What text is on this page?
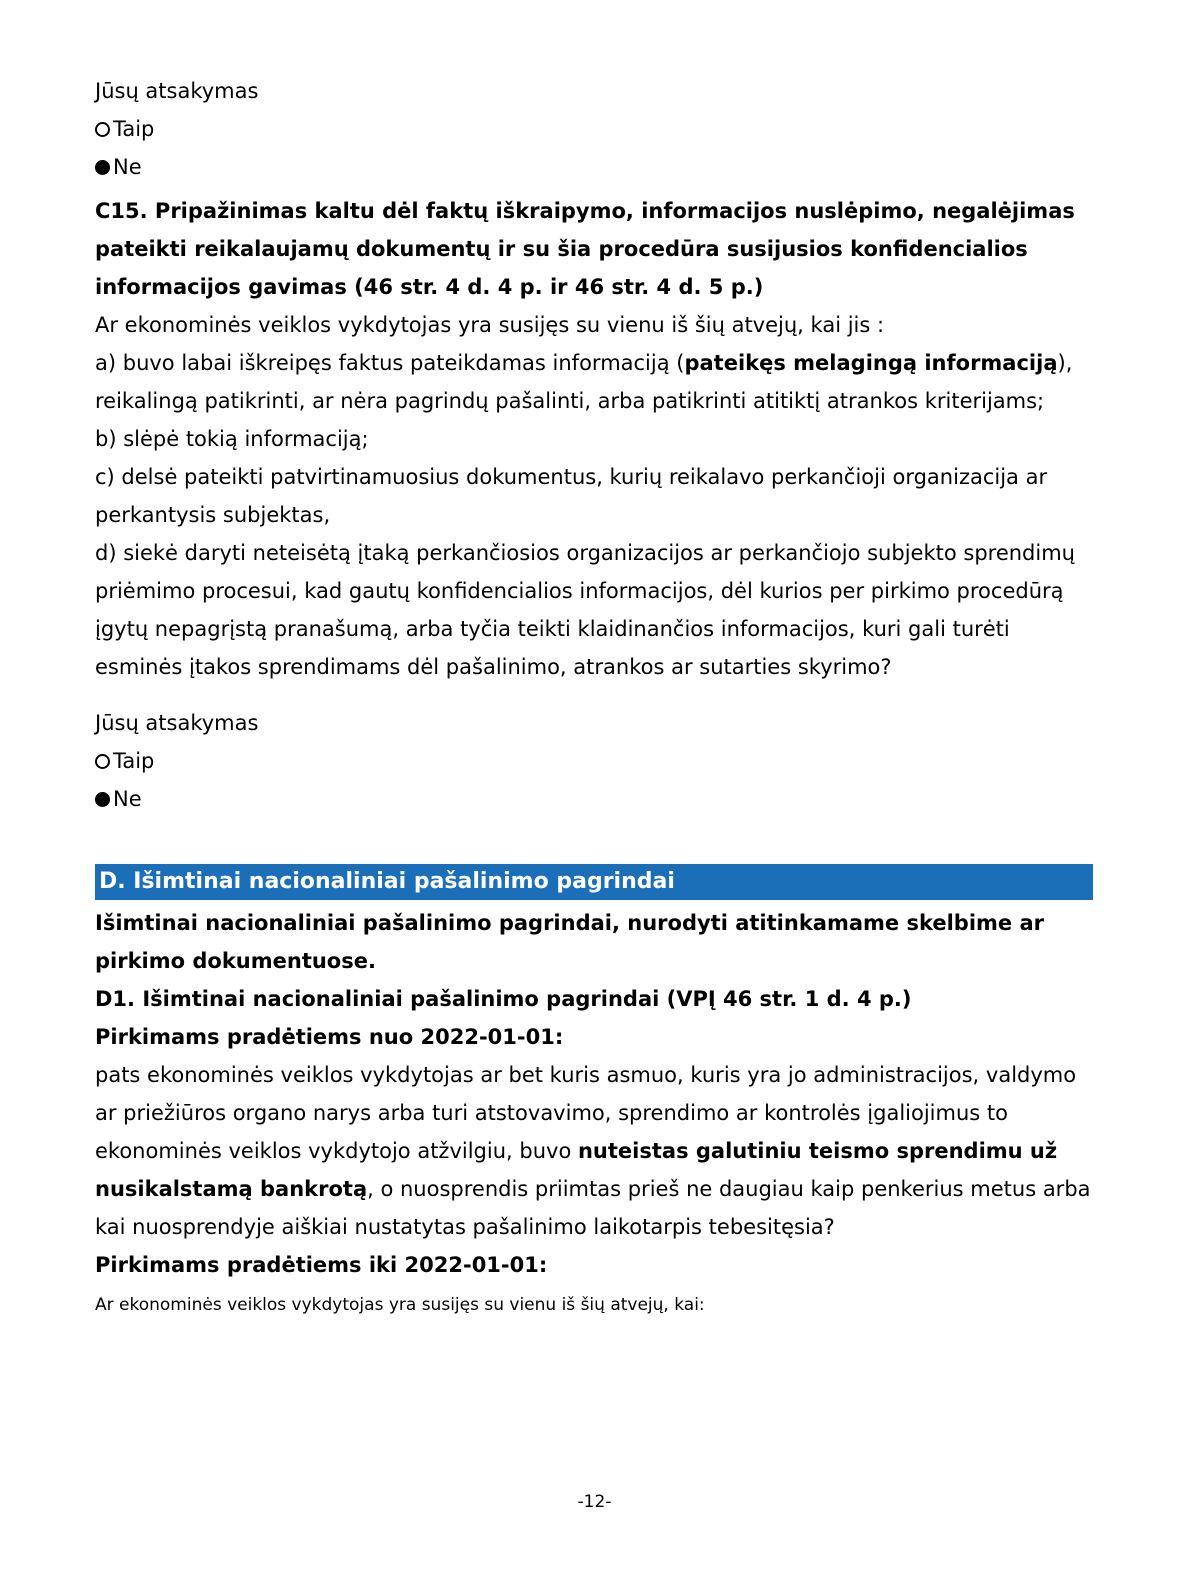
Jūsų atsakymas
Taip
Ne

C15. Pripažinimas kaltu dėl faktų iškraipymo, informacijos nuslėpimo, negalėjimas pateikti reikalaujamų dokumentų ir su šia procedūra susijusios konfidencialios informacijos gavimas (46 str. 4 d. 4 p. ir 46 str. 4 d. 5 p.)

Ar ekonominės veiklos vykdytojas yra susijęs su vienu iš šių atvejų, kai jis :

a) buvo labai iškreipęs faktus pateikdamas informaciją (pateikęs melagingą informaciją), reikalingą patikrinti, ar nėra pagrindų pašalinti, arba patikrinti atitiktį atrankos kriterijams;

b) slėpė tokią informaciją;

c) delsė pateikti patvirtinamuosius dokumentus, kurių reikalavo perkančioji organizacija ar perkantysis subjektas,

d) siekė daryti neteisėtą įtaką perkančiosios organizacijos ar perkančiojo subjekto sprendimų priėmimo procesui, kad gautų konfidencialios informacijos, dėl kurios per pirkimo procedūrą įgytų nepagrįstą pranašumą, arba tyčia teikti klaidinančios informacijos, kuri gali turėti esminės įtakos sprendimams dėl pašalinimo, atrankos ar sutarties skyrimo?

Jūsų atsakymas
Taip
Ne
D. Išimtinai nacionaliniai pašalinimo pagrindai

Išimtinai nacionaliniai pašalinimo pagrindai, nurodyti atitinkamame skelbime ar pirkimo dokumentuose.

D1. Išimtinai nacionaliniai pašalinimo pagrindai (VPĮ 46 str. 1 d. 4 p.)

Pirkimams pradėtiems nuo 2022-01-01:

pats ekonominės veiklos vykdytojas ar bet kuris asmuo, kuris yra jo administracijos, valdymo ar priežiūros organo narys arba turi atstovavimo, sprendimo ar kontrolės įgaliojimus to ekonominės veiklos vykdytojo atžvilgiu, buvo nuteistas galutiniu teismo sprendimu už nusikalstamą bankrotą, o nuosprendis priimtas prieš ne daugiau kaip penkerius metus arba kai nuosprendyje aiškiai nustatytas pašalinimo laikotarpis tebesitęsia?

Pirkimams pradėtiems iki 2022-01-01:

Ar ekonominės veiklos vykdytojas yra susijęs su vienu iš šių atvejų, kai:

-12-
